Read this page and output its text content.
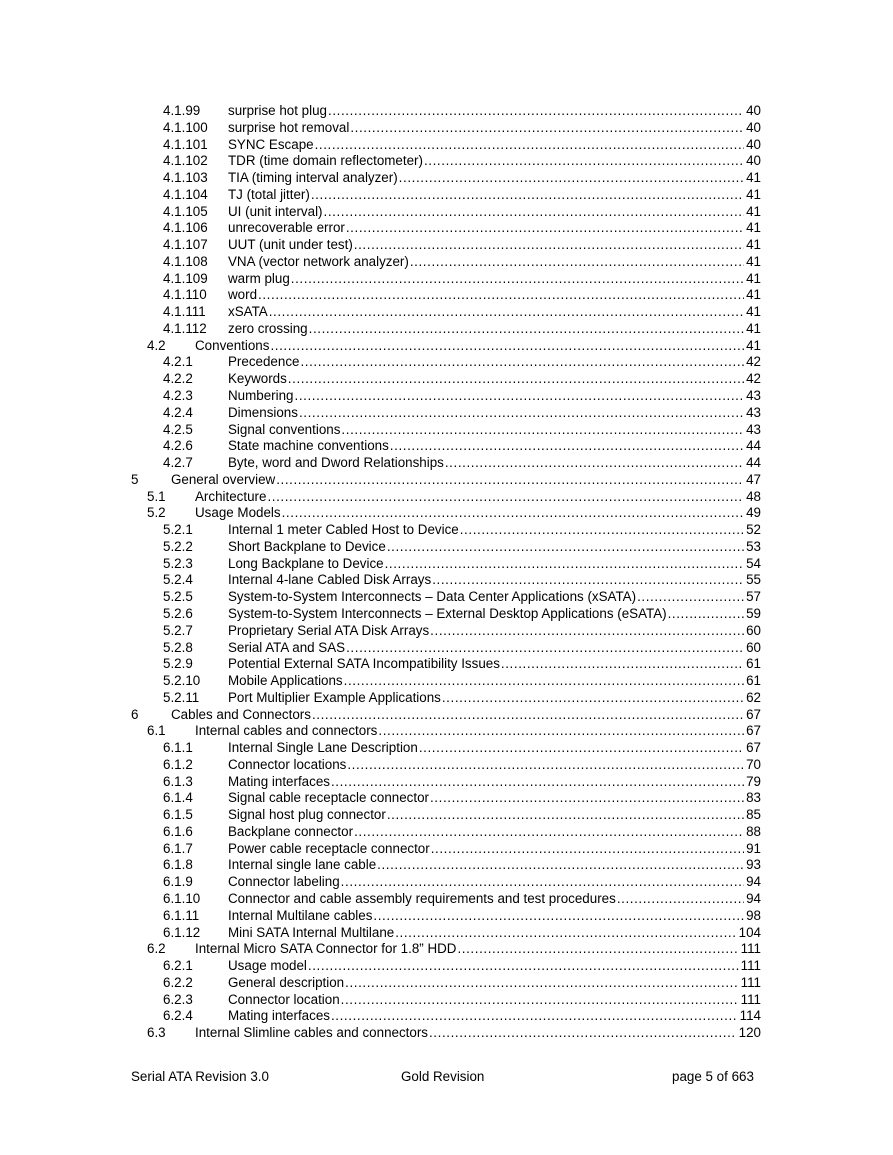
4.1.99 surprise hot plug .....	40
4.1.100 surprise hot removal .....	40
4.1.101 SYNC Escape .....	40
4.1.102 TDR (time domain reflectometer) .....	40
4.1.103 TIA (timing interval analyzer) .....	41
4.1.104 TJ (total jitter) .....	41
4.1.105 UI (unit interval) .....	41
4.1.106 unrecoverable error .....	41
4.1.107 UUT (unit under test) .....	41
4.1.108 VNA (vector network analyzer) .....	41
4.1.109 warm plug .....	41
4.1.110 word .....	41
4.1.111 xSATA .....	41
4.1.112 zero crossing .....	41
4.2 Conventions .....	41
4.2.1	Precedence .....	42
4.2.2	Keywords .....	42
4.2.3	Numbering .....	43
4.2.4	Dimensions .....	43
4.2.5	Signal conventions .....	43
4.2.6	State machine conventions .....	44
4.2.7	Byte, word and Dword Relationships .....	44
5 General overview .....	47
5.1 Architecture .....	48
5.2 Usage Models .....	49
5.2.1	Internal 1 meter Cabled Host to Device .....	52
5.2.2	Short Backplane to Device .....	53
5.2.3	Long Backplane to Device .....	54
5.2.4	Internal 4-lane Cabled Disk Arrays .....	55
5.2.5	System-to-System Interconnects – Data Center Applications (xSATA) .....	57
5.2.6	System-to-System Interconnects – External Desktop Applications (eSATA) .....	59
5.2.7	Proprietary Serial ATA Disk Arrays .....	60
5.2.8	Serial ATA and SAS .....	60
5.2.9	Potential External SATA Incompatibility Issues .....	61
5.2.10 Mobile Applications .....	61
5.2.11 Port Multiplier Example Applications .....	62
6 Cables and Connectors .....	67
6.1 Internal cables and connectors .....	67
6.1.1	Internal Single Lane Description .....	67
6.1.2	Connector locations .....	70
6.1.3	Mating interfaces .....	79
6.1.4	Signal cable receptacle connector .....	83
6.1.5	Signal host plug connector .....	85
6.1.6	Backplane connector .....	88
6.1.7	Power cable receptacle connector .....	91
6.1.8	Internal single lane cable .....	93
6.1.9	Connector labeling .....	94
6.1.10 Connector and cable assembly requirements and test procedures .....	94
6.1.11 Internal Multilane cables .....	98
6.1.12 Mini SATA Internal Multilane .....	104
6.2 Internal Micro SATA Connector for 1.8” HDD .....	111
6.2.1	Usage model .....	111
6.2.2	General description .....	111
6.2.3	Connector location .....	111
6.2.4	Mating interfaces .....	114
6.3 Internal Slimline cables and connectors .....	120
Serial ATA Revision 3.0	Gold Revision	page 5 of 663
